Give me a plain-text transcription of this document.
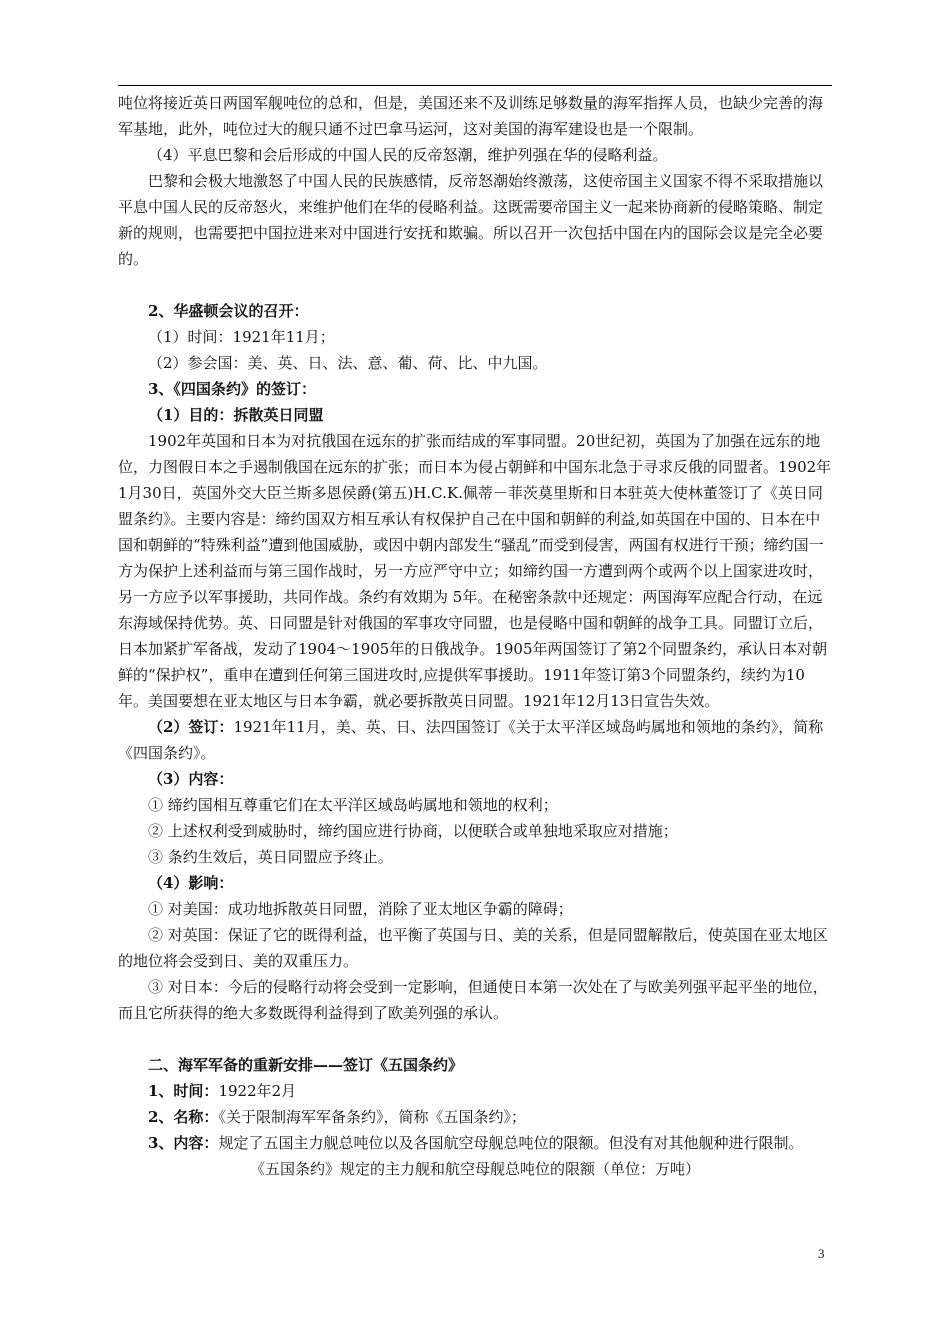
吨位将接近英日两国军舰吨位的总和，但是，美国还来不及训练足够数量的海军指挥人员，也缺少完善的海军基地，此外，吨位过大的舰只通不过巴拿马运河，这对美国的海军建设也是一个限制。

（4）平息巴黎和会后形成的中国人民的反帝怒潮，维护列强在华的侵略利益。

巴黎和会极大地激怒了中国人民的民族感情，反帝怒潮始终激荡，这使帝国主义国家不得不采取措施以平息中国人民的反帝怒火，来维护他们在华的侵略利益。这既需要帝国主义一起来协商新的侵略策略、制定新的规则，也需要把中国拉进来对中国进行安抚和欺骗。所以召开一次包括中国在内的国际会议是完全必要的。

2、华盛顿会议的召开：

（1）时间：1921年11月；

（2）参会国：美、英、日、法、意、葡、荷、比、中九国。

3、《四国条约》的签订：

（1）目的：拆散英日同盟

1902年英国和日本为对抗俄国在远东的扩张而结成的军事同盟。20世纪初，英国为了加强在远东的地位，力图假日本之手遏制俄国在远东的扩张；而日本为侵占朝鲜和中国东北急于寻求反俄的同盟者。1902年1月30日，英国外交大臣兰斯多恩侯爵(第五)H.C.K.佩蒂－菲茨莫里斯和日本驻英大使林董签订了《英日同盟条约》。主要内容是：缔约国双方相互承认有权保护自己在中国和朝鲜的利益,如英国在中国的、日本在中国和朝鲜的“特殊利益”遭到他国威胁，或因中朝内部发生“骚乱”而受到侵害，两国有权进行干预；缔约国一方为保护上述利益而与第三国作战时，另一方应严守中立；如缔约国一方遭到两个或两个以上国家进攻时，另一方应予以军事援助，共同作战。条约有效期为 5年。在秘密条款中还规定：两国海军应配合行动，在远东海域保持优势。英、日同盟是针对俄国的军事攻守同盟，也是侵略中国和朝鲜的战争工具。同盟订立后，日本加紧扩军备战，发动了1904～1905年的日俄战争。1905年两国签订了第2个同盟条约，承认日本对朝鲜的“保护权”，重申在遭到任何第三国进攻时,应提供军事援助。1911年签订第3个同盟条约，续约为10年。美国要想在亚太地区与日本争霸，就必要拆散英日同盟。1921年12月13日宣告失效。

（2）签订：1921年11月，美、英、日、法四国签订《关于太平洋区域岛屿属地和领地的条约》，简称《四国条约》。

（3）内容：

① 缔约国相互尊重它们在太平洋区域岛屿属地和领地的权利；

② 上述权利受到威胁时，缔约国应进行协商，以便联合或单独地采取应对措施；

③ 条约生效后，英日同盟应予终止。

（4）影响：

① 对美国：成功地拆散英日同盟，消除了亚太地区争霸的障碍；

② 对英国：保证了它的既得利益，也平衡了英国与日、美的关系，但是同盟解散后，使英国在亚太地区的地位将会受到日、美的双重压力。

③ 对日本：今后的侵略行动将会受到一定影响，但通使日本第一次处在了与欧美列强平起平坐的地位，而且它所获得的绝大多数既得利益得到了欧美列强的承认。

二、海军军备的重新安排——签订《五国条约》

1、时间：1922年2月

2、名称：《关于限制海军军备条约》，简称《五国条约》；

3、内容：规定了五国主力舰总吨位以及各国航空母舰总吨位的限额。但没有对其他舰种进行限制。

《五国条约》规定的主力舰和航空母舰总吨位的限额（单位：万吨）

3
